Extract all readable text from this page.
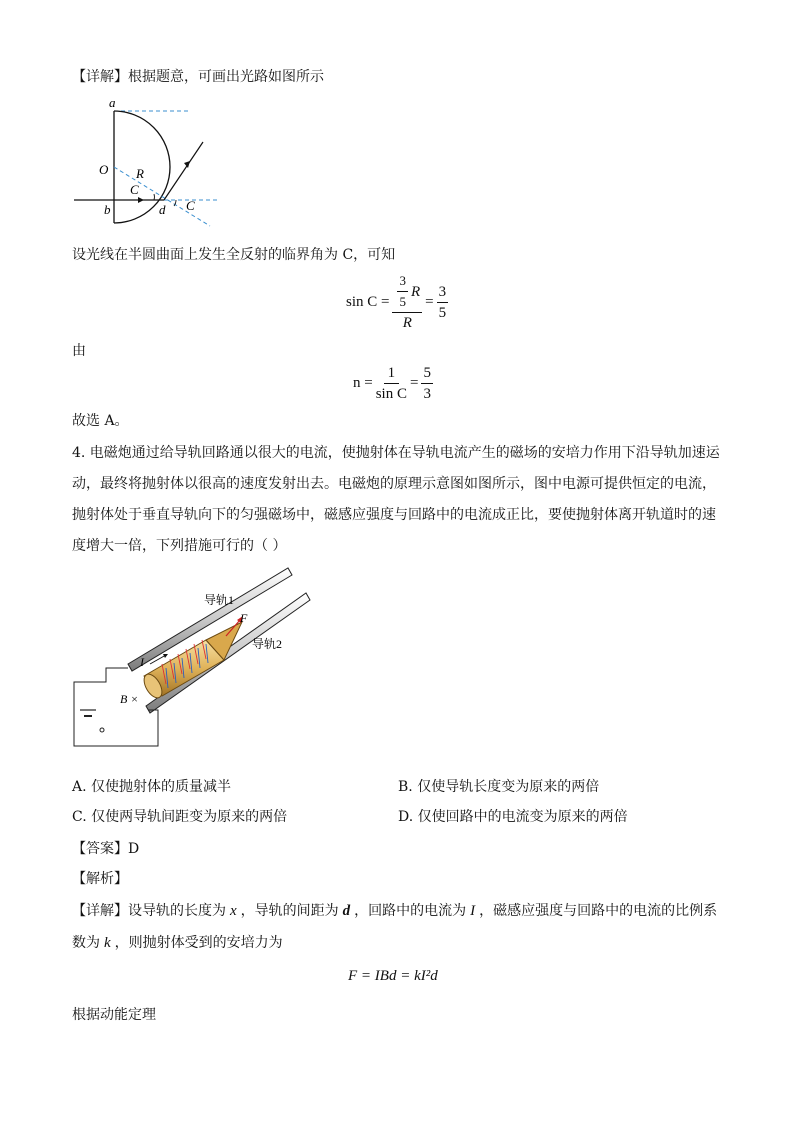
【详解】根据题意，可画出光路如图所示
a
O R
C
b	d C
设光线在半圆曲面上发生全反射的临界角为 C，可知
$\sin C = \frac{\frac{3}{5} R}{R} = \frac{3}{5}$
由
$n = \frac{1}{\text{sin C}} = \frac{5}{3}$
故选 A。
4. 电磁炮通过给导轨回路通以很大的电流，使抛射体在导轨电流产生的磁场的安培力作用下沿导轨加速运
动，最终将抛射体以很高的速度发射出去。电磁炮的原理示意图如图所示，图中电源可提供恒定的电流，
抛射体处于垂直导轨向下的匀强磁场中，磁感应强度与回路中的电流成正比，要使抛射体离开轨道时的速
度增大一倍，下列措施可行的（ ）
导轨1
导轨2
F
I
B ×
A. 仅使抛射体的质量减半	B. 仅使导轨长度变为原来的两倍
C. 仅使两导轨间距变为原来的两倍	D. 仅使回路中的电流变为原来的两倍
【答案】D
【解析】
【详解】设导轨的长度为 x ，导轨的间距为 d ，回路中的电流为 I ，磁感应强度与回路中的电流的比例系
数为 k ，则抛射体受到的安培力为
F = IBd = kI²d
根据动能定理
